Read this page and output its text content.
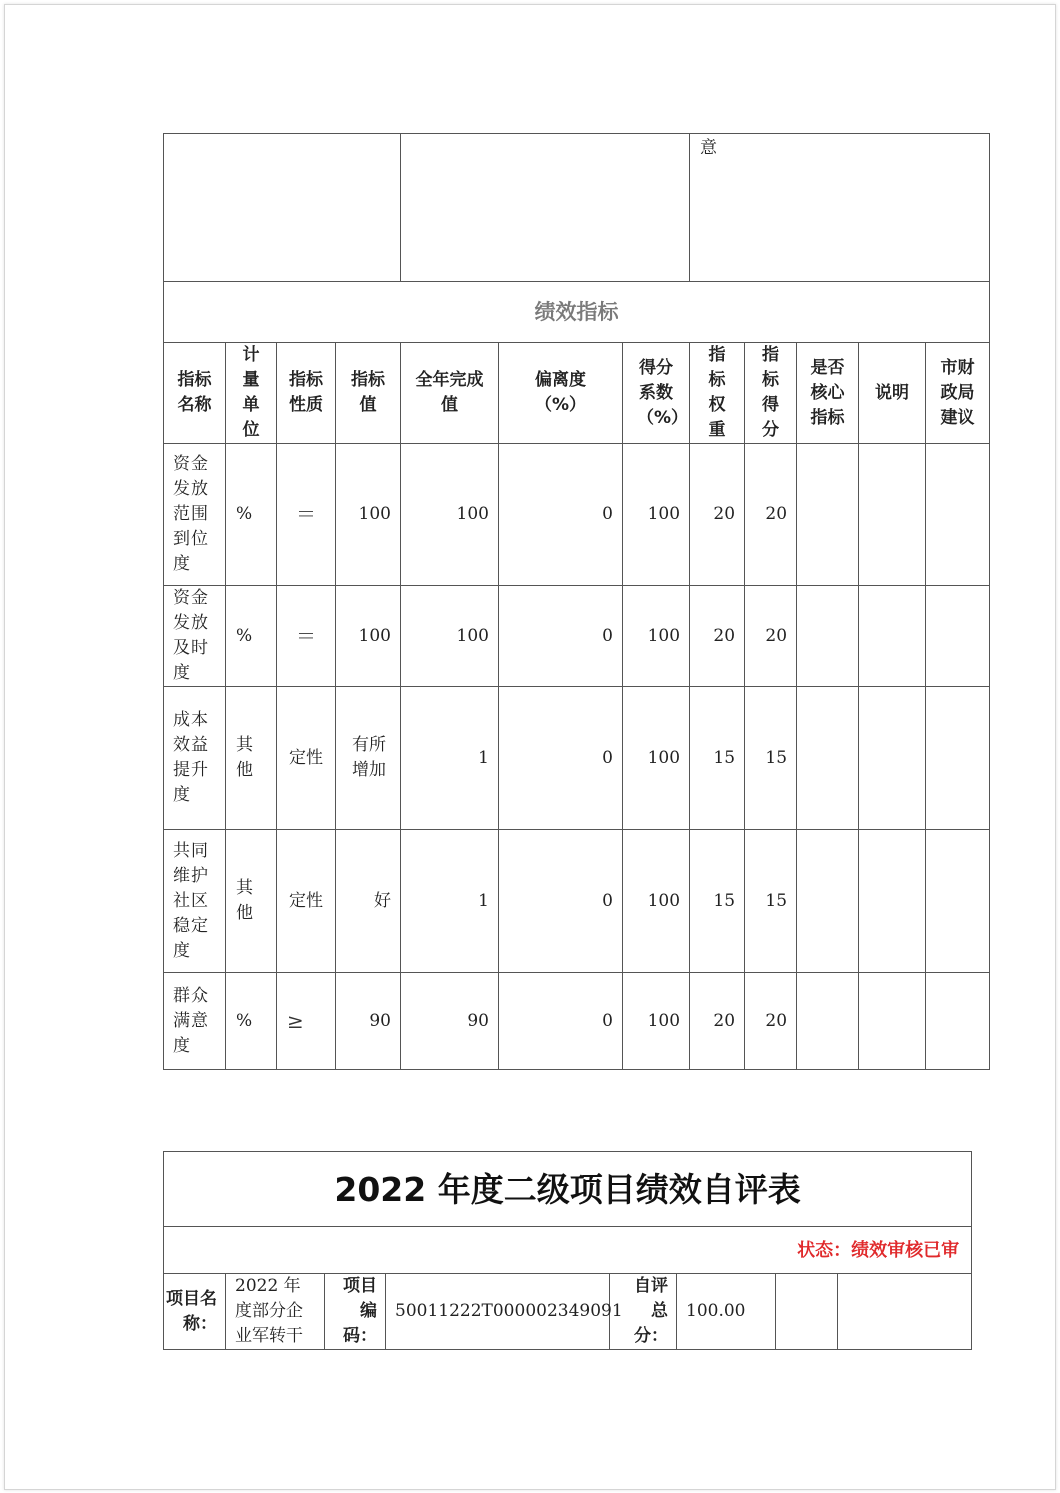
							意				
绩效指标											
指标名称	计量单位	指标性质	指标值	全年完成值	偏离度（%）	得分系数（%）	指标权重	指标得分	是否核心指标	说明	市财政局建议
资金发放范围到位度	%	＝	100	100	0	100	20	20			
资金发放及时度	%	＝	100	100	0	100	20	20			
成本效益提升度	其他	定性	有所增加	1	0	100	15	15			
共同维护社区稳定度	其他	定性	好	1	0	100	15	15			
群众满意度	%	≥	90	90	0	100	20	20			
2022 年度二级项目绩效自评表
状态：绩效审核已审
项目名称：	2022 年度部分企业军转干	项目编码：	50011222T000002349091	自评总分：	100.00		
